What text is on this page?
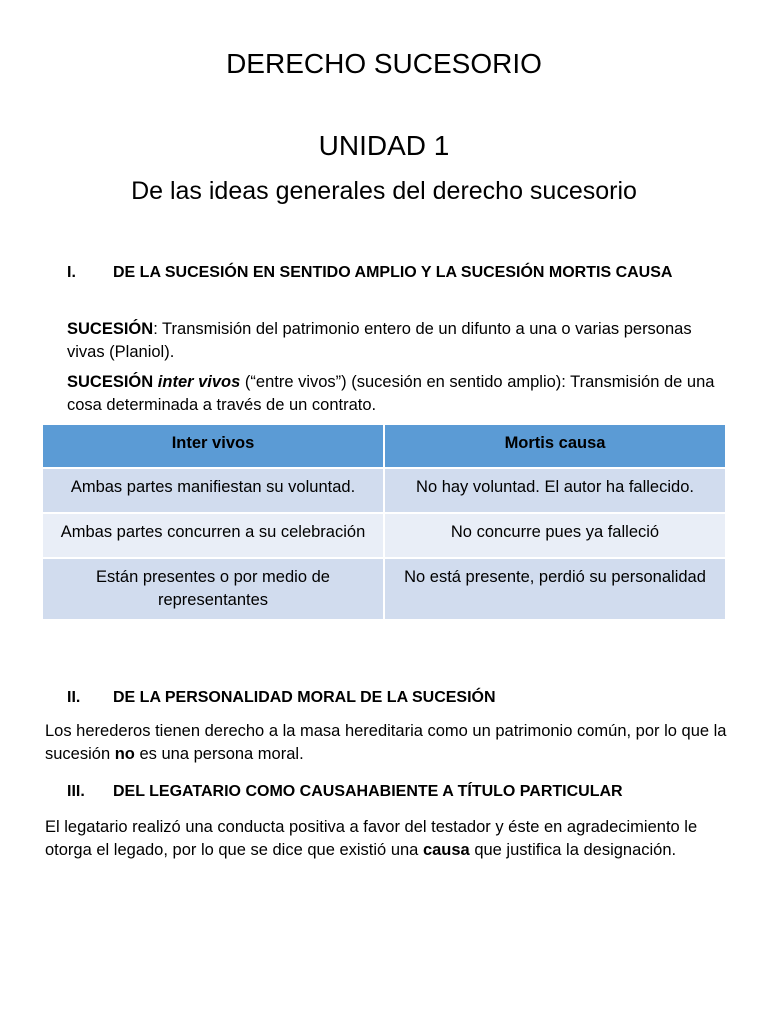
DERECHO SUCESORIO
UNIDAD 1
De las ideas generales del derecho sucesorio
I. DE LA SUCESIÓN EN SENTIDO AMPLIO Y LA SUCESIÓN MORTIS CAUSA
SUCESIÓN: Transmisión del patrimonio entero de un difunto a una o varias personas vivas (Planiol).
SUCESIÓN inter vivos (“entre vivos”) (sucesión en sentido amplio): Transmisión de una cosa determinada a través de un contrato.
Inter vivos	Mortis causa
Ambas partes manifiestan su voluntad.	No hay voluntad. El autor ha fallecido.
Ambas partes concurren a su celebración	No concurre pues ya falleció
Están presentes o por medio de representantes	No está presente, perdió su personalidad
II. DE LA PERSONALIDAD MORAL DE LA SUCESIÓN
Los herederos tienen derecho a la masa hereditaria como un patrimonio común, por lo que la sucesión no es una persona moral.
III. DEL LEGATARIO COMO CAUSAHABIENTE A TÍTULO PARTICULAR
El legatario realizó una conducta positiva a favor del testador y éste en agradecimiento le otorga el legado, por lo que se dice que existió una causa que justifica la designación.
